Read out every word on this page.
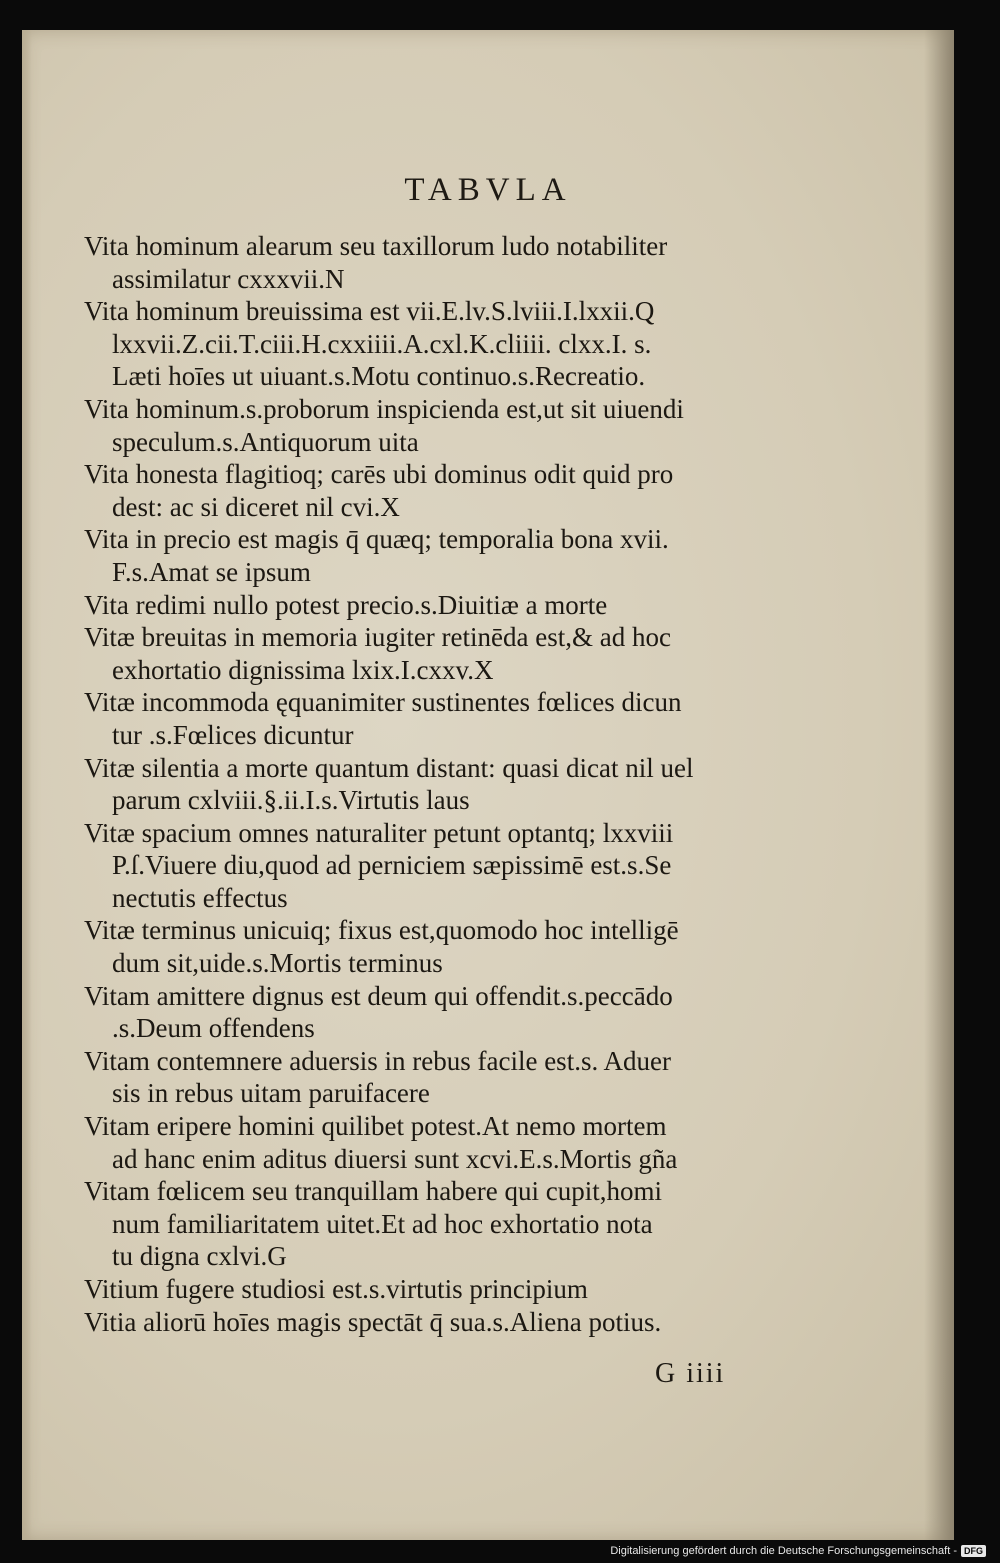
TABVLA
Vita hominum alearum seu taxillorum ludo notabiliter
assimilatur cxxxvii.N
Vita hominum breuissima est vii.E.lv.S.lviii.I.lxxii.Q
lxxvii.Z.cii.T.ciii.H.cxxiiii.A.cxl.K.cliiii. clxx.I. s.
Læti hoīes ut uiuant.s.Motu continuo.s.Recreatio.
Vita hominum.s.proborum inspicienda est,ut sit uiuendi
speculum.s.Antiquorum uita
Vita honesta flagitioq; carēs ubi dominus odit quid pro
dest: ac si diceret nil cvi.X
Vita in precio est magis q̄ quæq; temporalia bona xvii.
F.s.Amat se ipsum
Vita redimi nullo potest precio.s.Diuitiæ a morte
Vitæ breuitas in memoria iugiter retinēda est,& ad hoc
exhortatio dignissima lxix.I.cxxv.X
Vitæ incommoda ęquanimiter sustinentes fœlices dicun
tur .s.Fœlices dicuntur
Vitæ silentia a morte quantum distant: quasi dicat nil uel
parum cxlviii.§.ii.I.s.Virtutis laus
Vitæ spacium omnes naturaliter petunt optantq; lxxviii
P.ſ.Viuere diu,quod ad perniciem sæpissimē est.s.Se
nectutis effectus
Vitæ terminus unicuiq; fixus est,quomodo hoc intelligē
dum sit,uide.s.Mortis terminus
Vitam amittere dignus est deum qui offendit.s.peccādo
.s.Deum offendens
Vitam contemnere aduersis in rebus facile est.s. Aduer
sis in rebus uitam paruifacere
Vitam eripere homini quilibet potest.At nemo mortem
ad hanc enim aditus diuersi sunt xcvi.E.s.Mortis gña
Vitam fœlicem seu tranquillam habere qui cupit,homi
num familiaritatem uitet.Et ad hoc exhortatio nota
tu digna cxlvi.G
Vitium fugere studiosi est.s.virtutis principium
Vitia aliorū hoīes magis spectāt q̄ sua.s.Aliena potius.
G iiii
Digitalisierung gefördert durch die Deutsche Forschungsgemeinschaft - DFG
